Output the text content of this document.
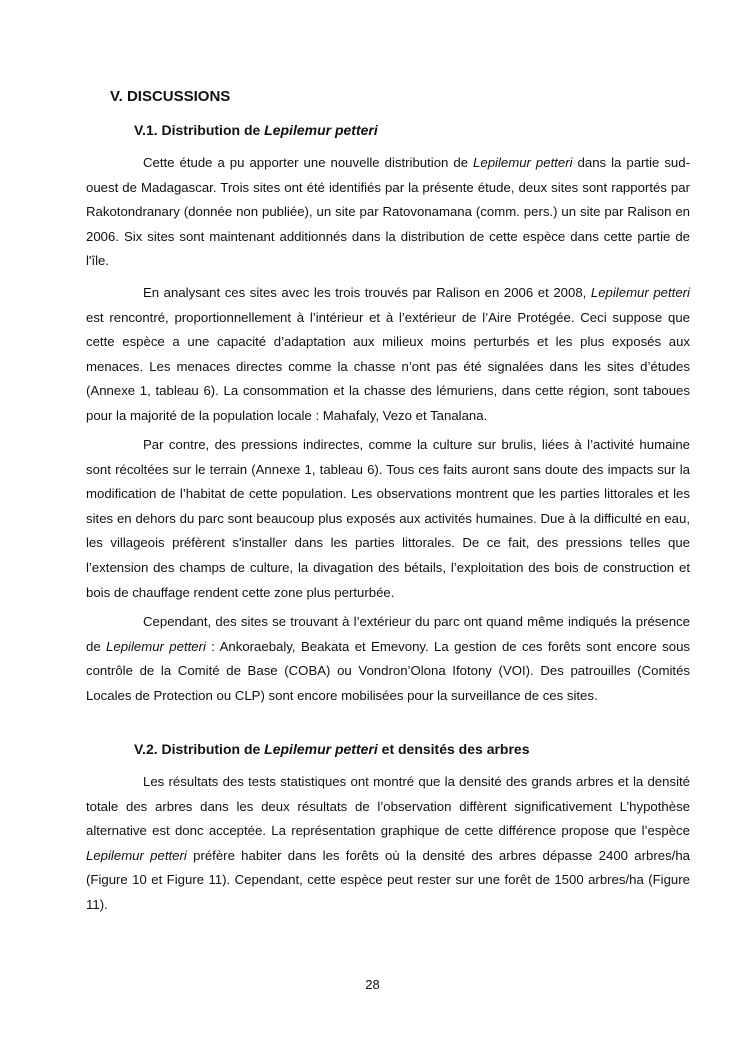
V. DISCUSSIONS
V.1. Distribution de Lepilemur petteri

Cette étude a pu apporter une nouvelle distribution de Lepilemur petteri dans la partie sud-ouest de Madagascar. Trois sites ont été identifiés par la présente étude, deux sites sont rapportés par Rakotondranary (donnée non publiée), un site par Ratovonamana (comm. pers.) un site par Ralison en 2006. Six sites sont maintenant additionnés dans la distribution de cette espèce dans cette partie de l'île.

En analysant ces sites avec les trois trouvés par Ralison en 2006 et 2008, Lepilemur petteri est rencontré, proportionnellement à l’intérieur et à l’extérieur de l’Aire Protégée. Ceci suppose que cette espèce a une capacité d’adaptation aux milieux moins perturbés et les plus exposés aux menaces. Les menaces directes comme la chasse n’ont pas été signalées dans les sites d’études (Annexe 1, tableau 6). La consommation et la chasse des lémuriens, dans cette région, sont taboues pour la majorité de la population locale : Mahafaly, Vezo et Tanalana.

Par contre, des pressions indirectes, comme la culture sur brulis, liées à l’activité humaine sont récoltées sur le terrain (Annexe 1, tableau 6). Tous ces faits auront sans doute des impacts sur la modification de l’habitat de cette population. Les observations montrent que les parties littorales et les sites en dehors du parc sont beaucoup plus exposés aux activités humaines. Due à la difficulté en eau, les villageois préfèrent s'installer dans les parties littorales. De ce fait, des pressions telles que l’extension des champs de culture, la divagation des bétails, l’exploitation des bois de construction et bois de chauffage rendent cette zone plus perturbée.

Cependant, des sites se trouvant à l’extérieur du parc ont quand même indiqués la présence de Lepilemur petteri : Ankoraebaly, Beakata et Emevony. La gestion de ces forêts sont encore sous contrôle de la Comité de Base (COBA) ou Vondron’Olona Ifotony (VOI). Des patrouilles (Comités Locales de Protection ou CLP) sont encore mobilisées pour la surveillance de ces sites.

V.2. Distribution de Lepilemur petteri et densités des arbres

Les résultats des tests statistiques ont montré que la densité des grands arbres et la densité totale des arbres dans les deux résultats de l’observation diffèrent significativement L’hypothèse alternative est donc acceptée. La représentation graphique de cette différence propose que l’espèce Lepilemur petteri préfère habiter dans les forêts où la densité des arbres dépasse 2400 arbres/ha (Figure 10 et Figure 11). Cependant, cette espèce peut rester sur une forêt de 1500 arbres/ha (Figure 11).

28
